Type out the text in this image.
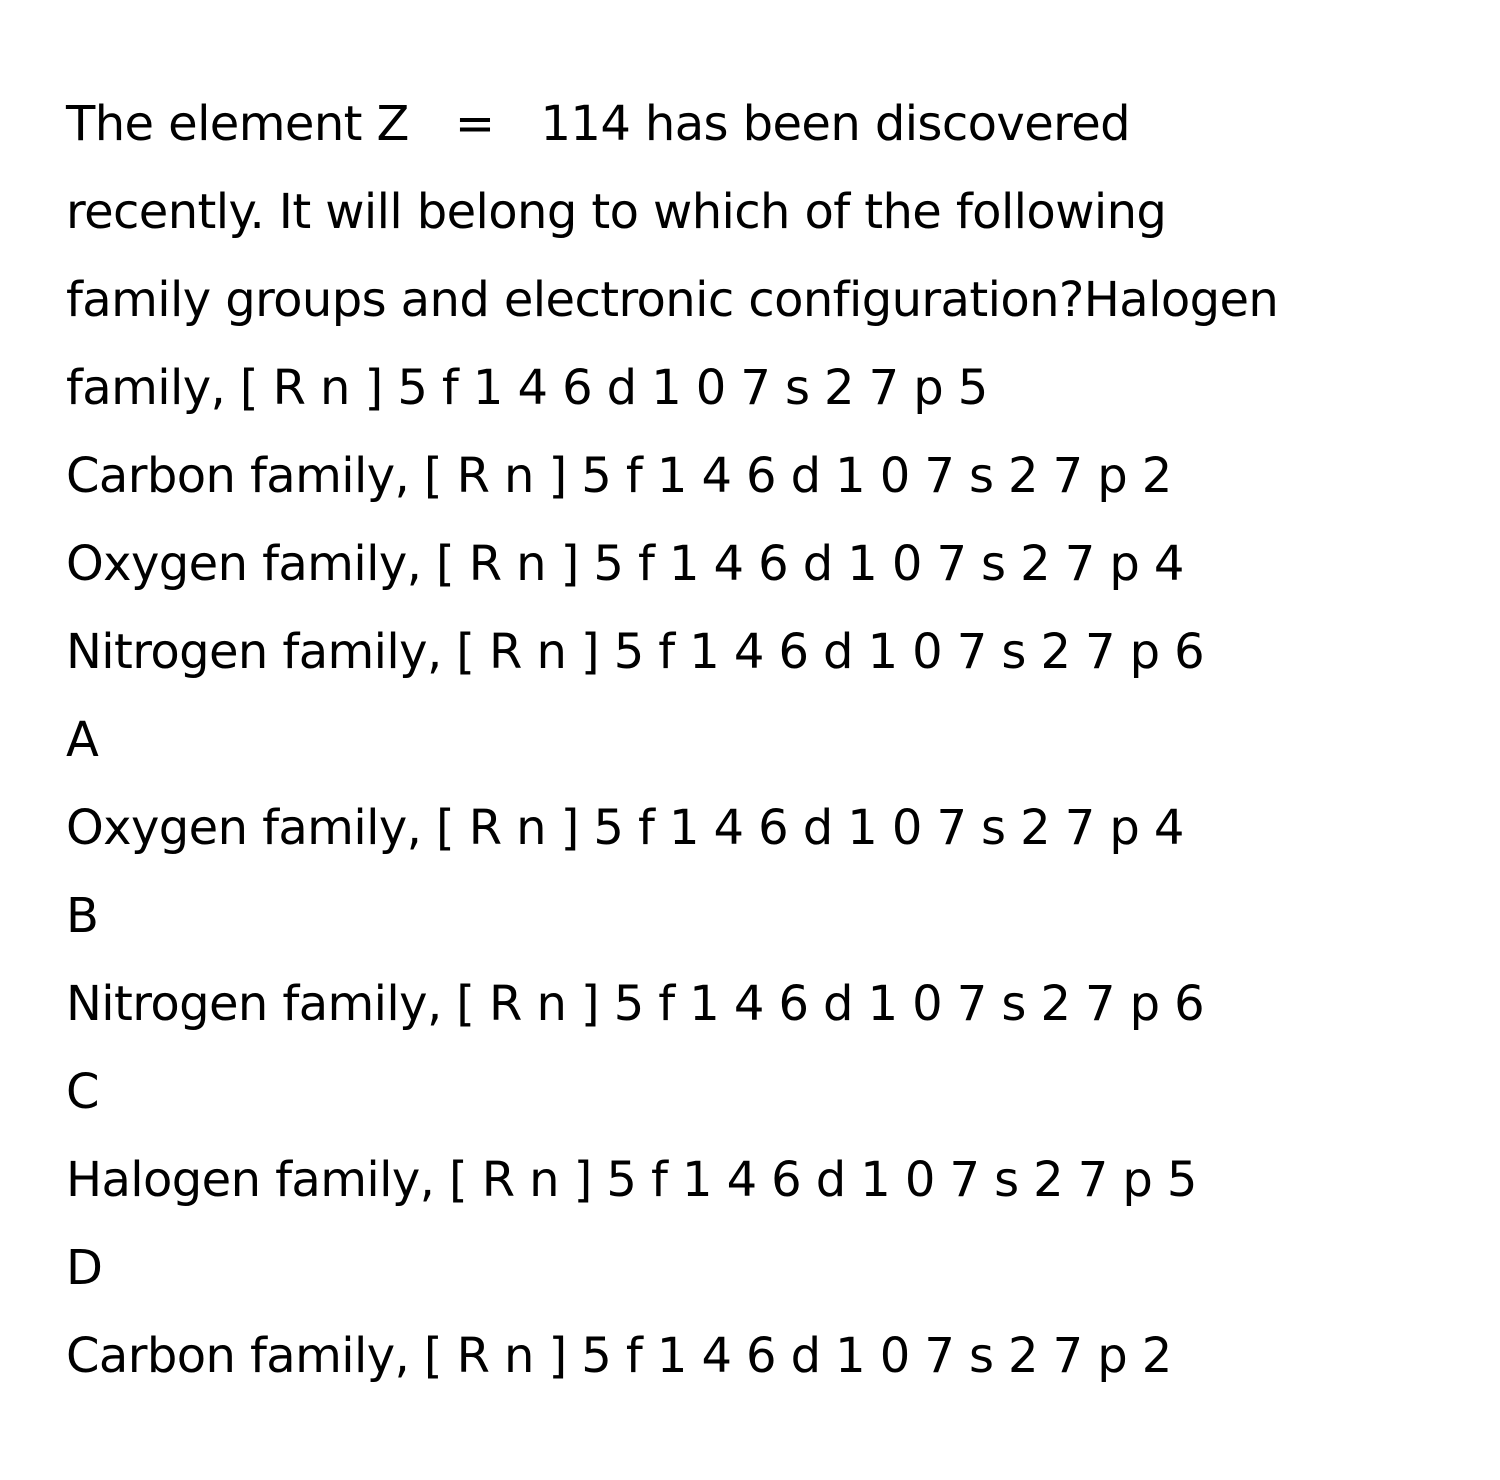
The element Z = 114 has been discovered
recently. It will belong to which of the following
family groups and electronic configuration?Halogen
family, [ R n ] 5 f 1 4 6 d 1 0 7 s 2 7 p 5
Carbon family, [ R n ] 5 f 1 4 6 d 1 0 7 s 2 7 p 2
Oxygen family, [ R n ] 5 f 1 4 6 d 1 0 7 s 2 7 p 4
Nitrogen family, [ R n ] 5 f 1 4 6 d 1 0 7 s 2 7 p 6
A
Oxygen family, [ R n ] 5 f 1 4 6 d 1 0 7 s 2 7 p 4
B
Nitrogen family, [ R n ] 5 f 1 4 6 d 1 0 7 s 2 7 p 6
C
Halogen family, [ R n ] 5 f 1 4 6 d 1 0 7 s 2 7 p 5
D
Carbon family, [ R n ] 5 f 1 4 6 d 1 0 7 s 2 7 p 2
